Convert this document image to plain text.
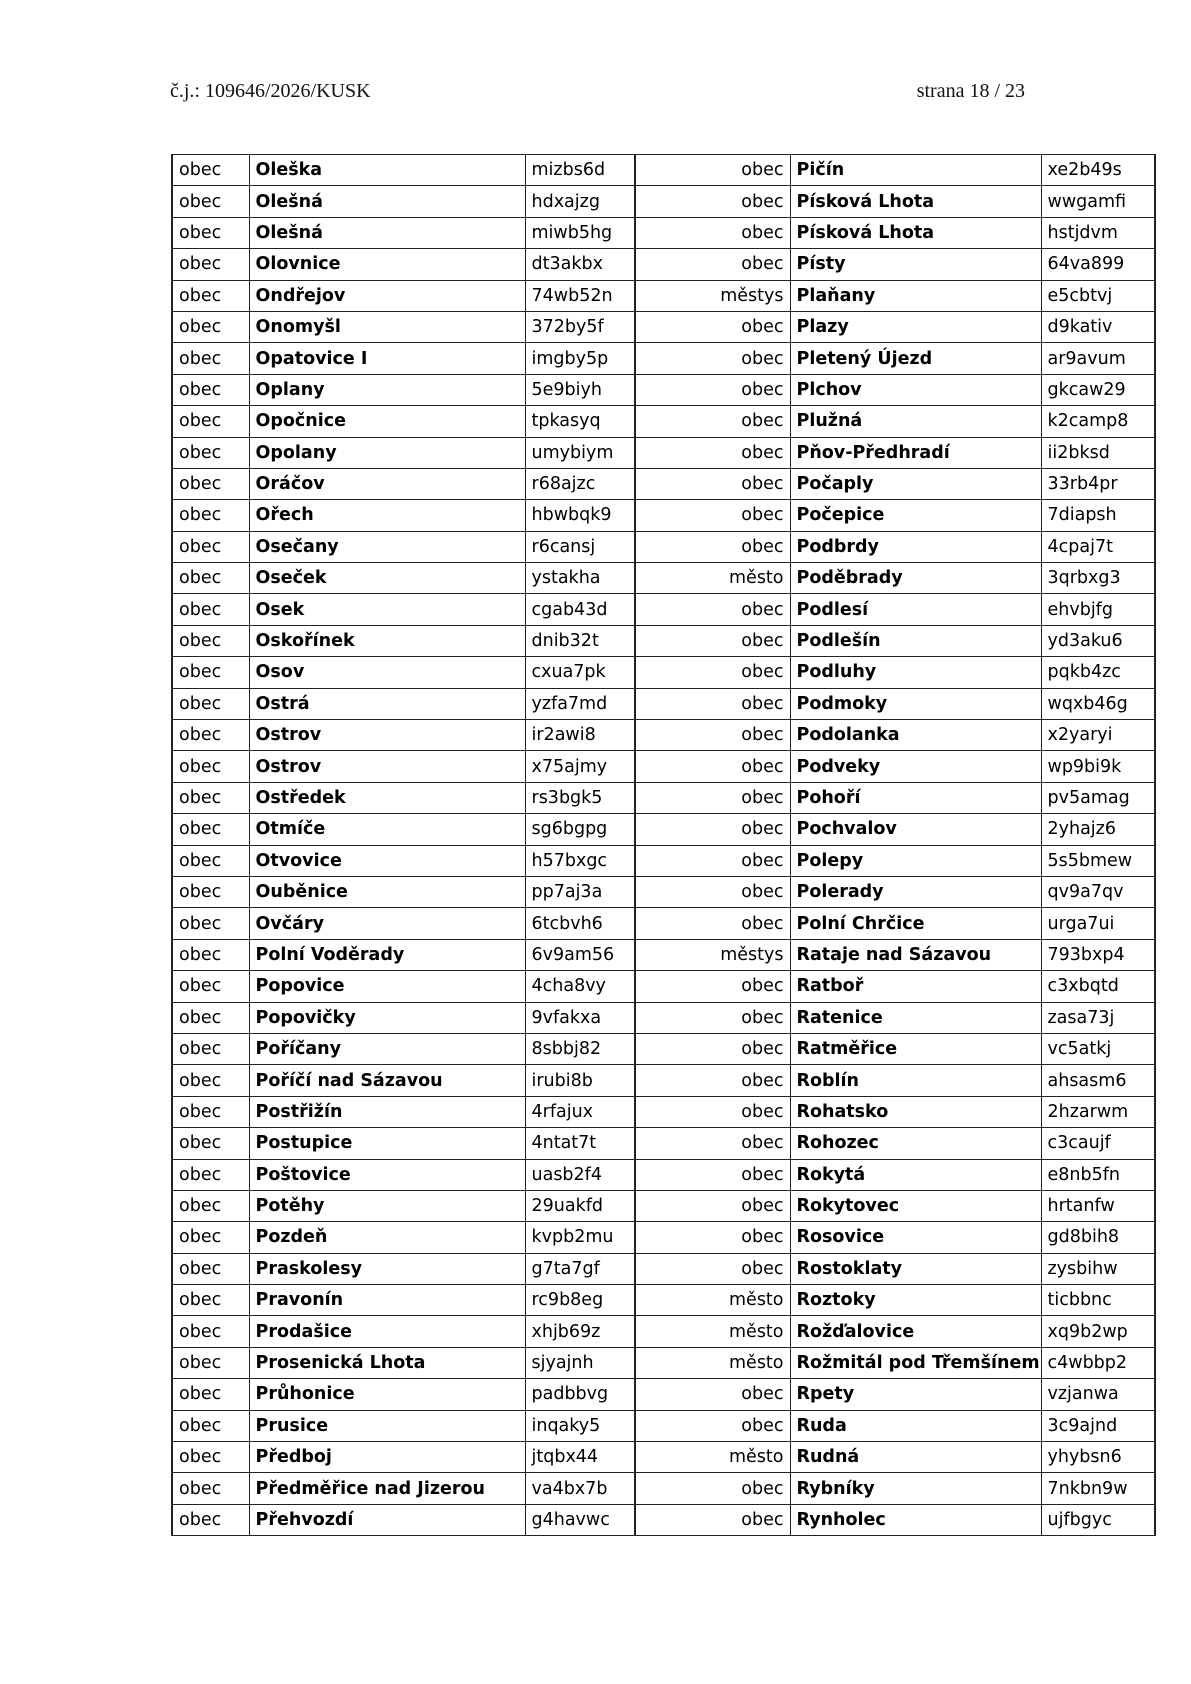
č.j.: 109646/2026/KUSK	strana 18 / 23
obec	Oleška	mizbs6d	obec	Pičín	xe2b49s
obec	Olešná	hdxajzg	obec	Písková Lhota	wwgamfi
obec	Olešná	miwb5hg	obec	Písková Lhota	hstjdvm
obec	Olovnice	dt3akbx	obec	Písty	64va899
obec	Ondřejov	74wb52n	městys	Plaňany	e5cbtvj
obec	Onomyšl	372by5f	obec	Plazy	d9kativ
obec	Opatovice I	imgby5p	obec	Pletený Újezd	ar9avum
obec	Oplany	5e9biyh	obec	Plchov	gkcaw29
obec	Opočnice	tpkasyq	obec	Plužná	k2camp8
obec	Opolany	umybiym	obec	Pňov-Předhradí	ii2bksd
obec	Oráčov	r68ajzc	obec	Počaply	33rb4pr
obec	Ořech	hbwbqk9	obec	Počepice	7diapsh
obec	Osečany	r6cansj	obec	Podbrdy	4cpaj7t
obec	Oseček	ystakha	město	Poděbrady	3qrbxg3
obec	Osek	cgab43d	obec	Podlesí	ehvbjfg
obec	Oskořínek	dnib32t	obec	Podlešín	yd3aku6
obec	Osov	cxua7pk	obec	Podluhy	pqkb4zc
obec	Ostrá	yzfa7md	obec	Podmoky	wqxb46g
obec	Ostrov	ir2awi8	obec	Podolanka	x2yaryi
obec	Ostrov	x75ajmy	obec	Podveky	wp9bi9k
obec	Ostředek	rs3bgk5	obec	Pohoří	pv5amag
obec	Otmíče	sg6bgpg	obec	Pochvalov	2yhajz6
obec	Otvovice	h57bxgc	obec	Polepy	5s5bmew
obec	Ouběnice	pp7aj3a	obec	Polerady	qv9a7qv
obec	Ovčáry	6tcbvh6	obec	Polní Chrčice	urga7ui
obec	Polní Voděrady	6v9am56	městys	Rataje nad Sázavou	793bxp4
obec	Popovice	4cha8vy	obec	Ratboř	c3xbqtd
obec	Popovičky	9vfakxa	obec	Ratenice	zasa73j
obec	Poříčany	8sbbj82	obec	Ratměřice	vc5atkj
obec	Poříčí nad Sázavou	irubi8b	obec	Roblín	ahsasm6
obec	Postřižín	4rfajux	obec	Rohatsko	2hzarwm
obec	Postupice	4ntat7t	obec	Rohozec	c3caujf
obec	Poštovice	uasb2f4	obec	Rokytá	e8nb5fn
obec	Potěhy	29uakfd	obec	Rokytovec	hrtanfw
obec	Pozdeň	kvpb2mu	obec	Rosovice	gd8bih8
obec	Praskolesy	g7ta7gf	obec	Rostoklaty	zysbihw
obec	Pravonín	rc9b8eg	město	Roztoky	ticbbnc
obec	Prodašice	xhjb69z	město	Rožďalovice	xq9b2wp
obec	Prosenická Lhota	sjyajnh	město	Rožmitál pod Třemšínem	c4wbbp2
obec	Průhonice	padbbvg	obec	Rpety	vzjanwa
obec	Prusice	inqaky5	obec	Ruda	3c9ajnd
obec	Předboj	jtqbx44	město	Rudná	yhybsn6
obec	Předměřice nad Jizerou	va4bx7b	obec	Rybníky	7nkbn9w
obec	Přehvozdí	g4havwc	obec	Rynholec	ujfbgyc
